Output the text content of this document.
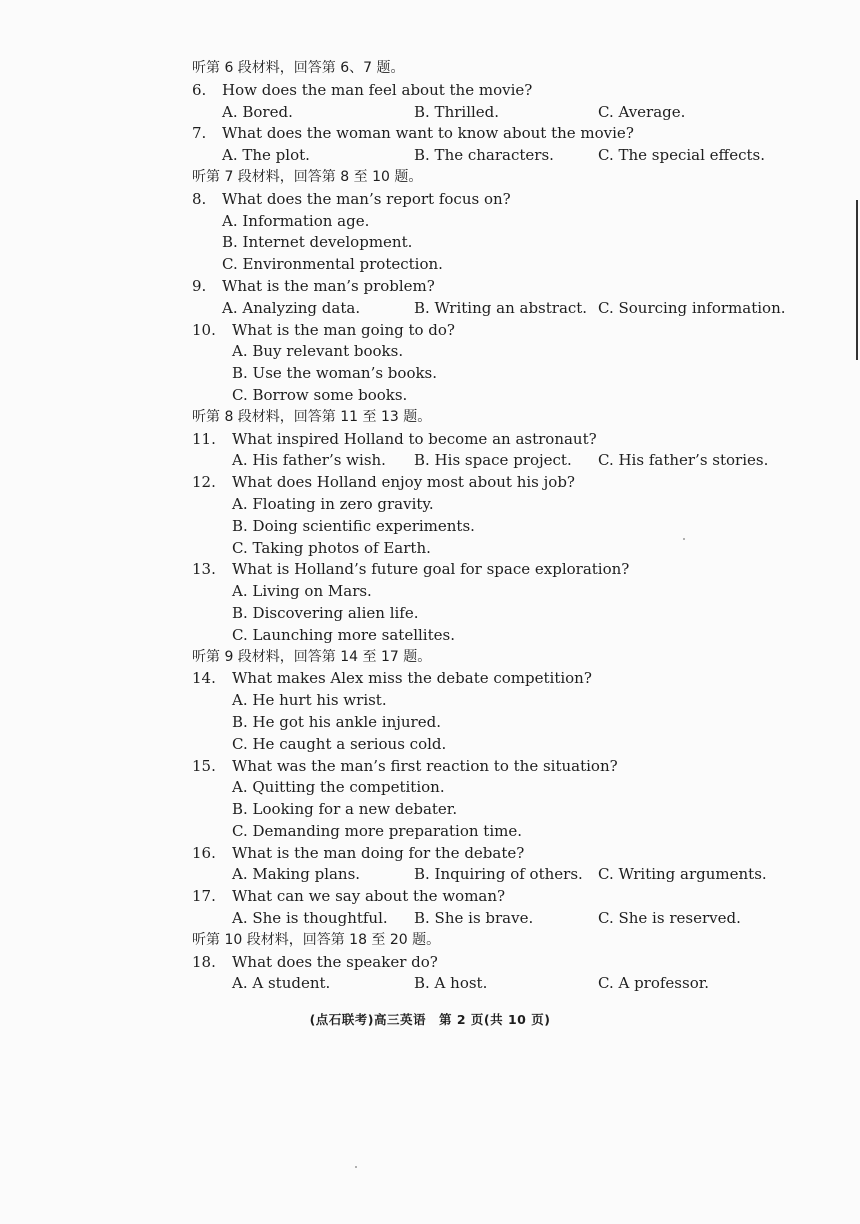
听第 6 段材料，回答第 6、7 题。
6. How does the man feel about the movie?
A. Bored.	B. Thrilled.	C. Average.
7. What does the woman want to know about the movie?
A. The plot.	B. The characters.	C. The special effects.
听第 7 段材料，回答第 8 至 10 题。
8. What does the man’s report focus on?
A. Information age.
B. Internet development.
C. Environmental protection.
9. What is the man’s problem?
A. Analyzing data.	B. Writing an abstract. C. Sourcing information.
10. What is the man going to do?
A. Buy relevant books.
B. Use the woman’s books.
C. Borrow some books.
听第 8 段材料，回答第 11 至 13 题。
11. What inspired Holland to become an astronaut?
A. His father’s wish. B. His space project. C. His father’s stories.
12. What does Holland enjoy most about his job?
A. Floating in zero gravity.
B. Doing scientific experiments.
C. Taking photos of Earth.
13. What is Holland’s future goal for space exploration?
A. Living on Mars.
B. Discovering alien life.
C. Launching more satellites.
听第 9 段材料，回答第 14 至 17 题。
14. What makes Alex miss the debate competition?
A. He hurt his wrist.
B. He got his ankle injured.
C. He caught a serious cold.
15. What was the man’s first reaction to the situation?
A. Quitting the competition.
B. Looking for a new debater.
C. Demanding more preparation time.
16. What is the man doing for the debate?
A. Making plans.	B. Inquiring of others. C. Writing arguments.
17. What can we say about the woman?
A. She is thoughtful. B. She is brave.	C. She is reserved.
听第 10 段材料，回答第 18 至 20 题。
18. What does the speaker do?
A. A student.	B. A host.	C. A professor.
(点石联考)高三英语　第 2 页(共 10 页)
